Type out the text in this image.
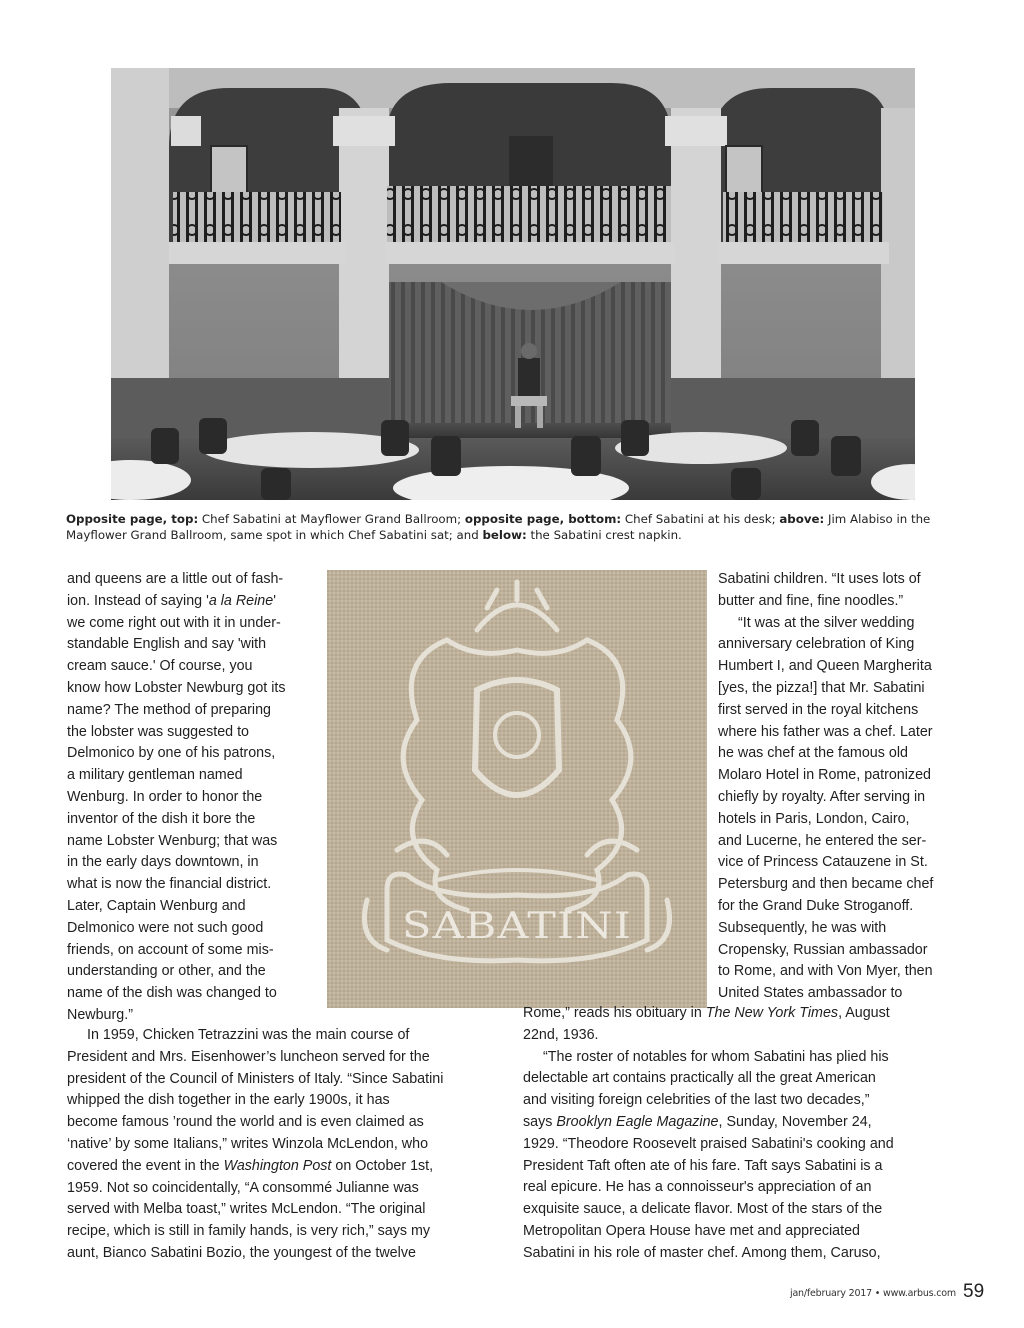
Opposite page, top: Chef Sabatini at Mayflower Grand Ballroom; opposite page, bottom: Chef Sabatini at his desk; above: Jim Alabiso in the Mayflower Grand Ballroom, same spot in which Chef Sabatini sat; and below: the Sabatini crest napkin.
SABATINI
and queens are a little out of fash-
ion. Instead of saying 'a la Reine'
we come right out with it in under-
standable English and say 'with
cream sauce.' Of course, you
know how Lobster Newburg got its
name? The method of preparing
the lobster was suggested to
Delmonico by one of his patrons,
a military gentleman named
Wenburg. In order to honor the
inventor of the dish it bore the
name Lobster Wenburg; that was
in the early days downtown, in
what is now the financial district.
Later, Captain Wenburg and
Delmonico were not such good
friends, on account of some mis-
understanding or other, and the
name of the dish was changed to
Newburg.”
In 1959, Chicken Tetrazzini was the main course of
President and Mrs. Eisenhower’s luncheon served for the
president of the Council of Ministers of Italy. “Since Sabatini
whipped the dish together in the early 1900s, it has
become famous ’round the world and is even claimed as
‘native’ by some Italians,” writes Winzola McLendon, who
covered the event in the Washington Post on October 1st,
1959. Not so coincidentally, “A consommé Julianne was
served with Melba toast,” writes McLendon. “The original
recipe, which is still in family hands, is very rich,” says my
aunt, Bianco Sabatini Bozio, the youngest of the twelve
Sabatini children. “It uses lots of
butter and fine, fine noodles.”
“It was at the silver wedding
anniversary celebration of King
Humbert I, and Queen Margherita
[yes, the pizza!] that Mr. Sabatini
first served in the royal kitchens
where his father was a chef. Later
he was chef at the famous old
Molaro Hotel in Rome, patronized
chiefly by royalty. After serving in
hotels in Paris, London, Cairo,
and Lucerne, he entered the ser-
vice of Princess Catauzene in St.
Petersburg and then became chef
for the Grand Duke Stroganoff.
Subsequently, he was with
Cropensky, Russian ambassador
to Rome, and with Von Myer, then
United States ambassador to
Rome,” reads his obituary in The New York Times, August
22nd, 1936.
“The roster of notables for whom Sabatini has plied his
delectable art contains practically all the great American
and visiting foreign celebrities of the last two decades,”
says Brooklyn Eagle Magazine, Sunday, November 24,
1929. “Theodore Roosevelt praised Sabatini's cooking and
President Taft often ate of his fare. Taft says Sabatini is a
real epicure. He has a connoisseur's appreciation of an
exquisite sauce, a delicate flavor. Most of the stars of the
Metropolitan Opera House have met and appreciated
Sabatini in his role of master chef. Among them, Caruso,
jan/february 2017 • www.arbus.com 59
